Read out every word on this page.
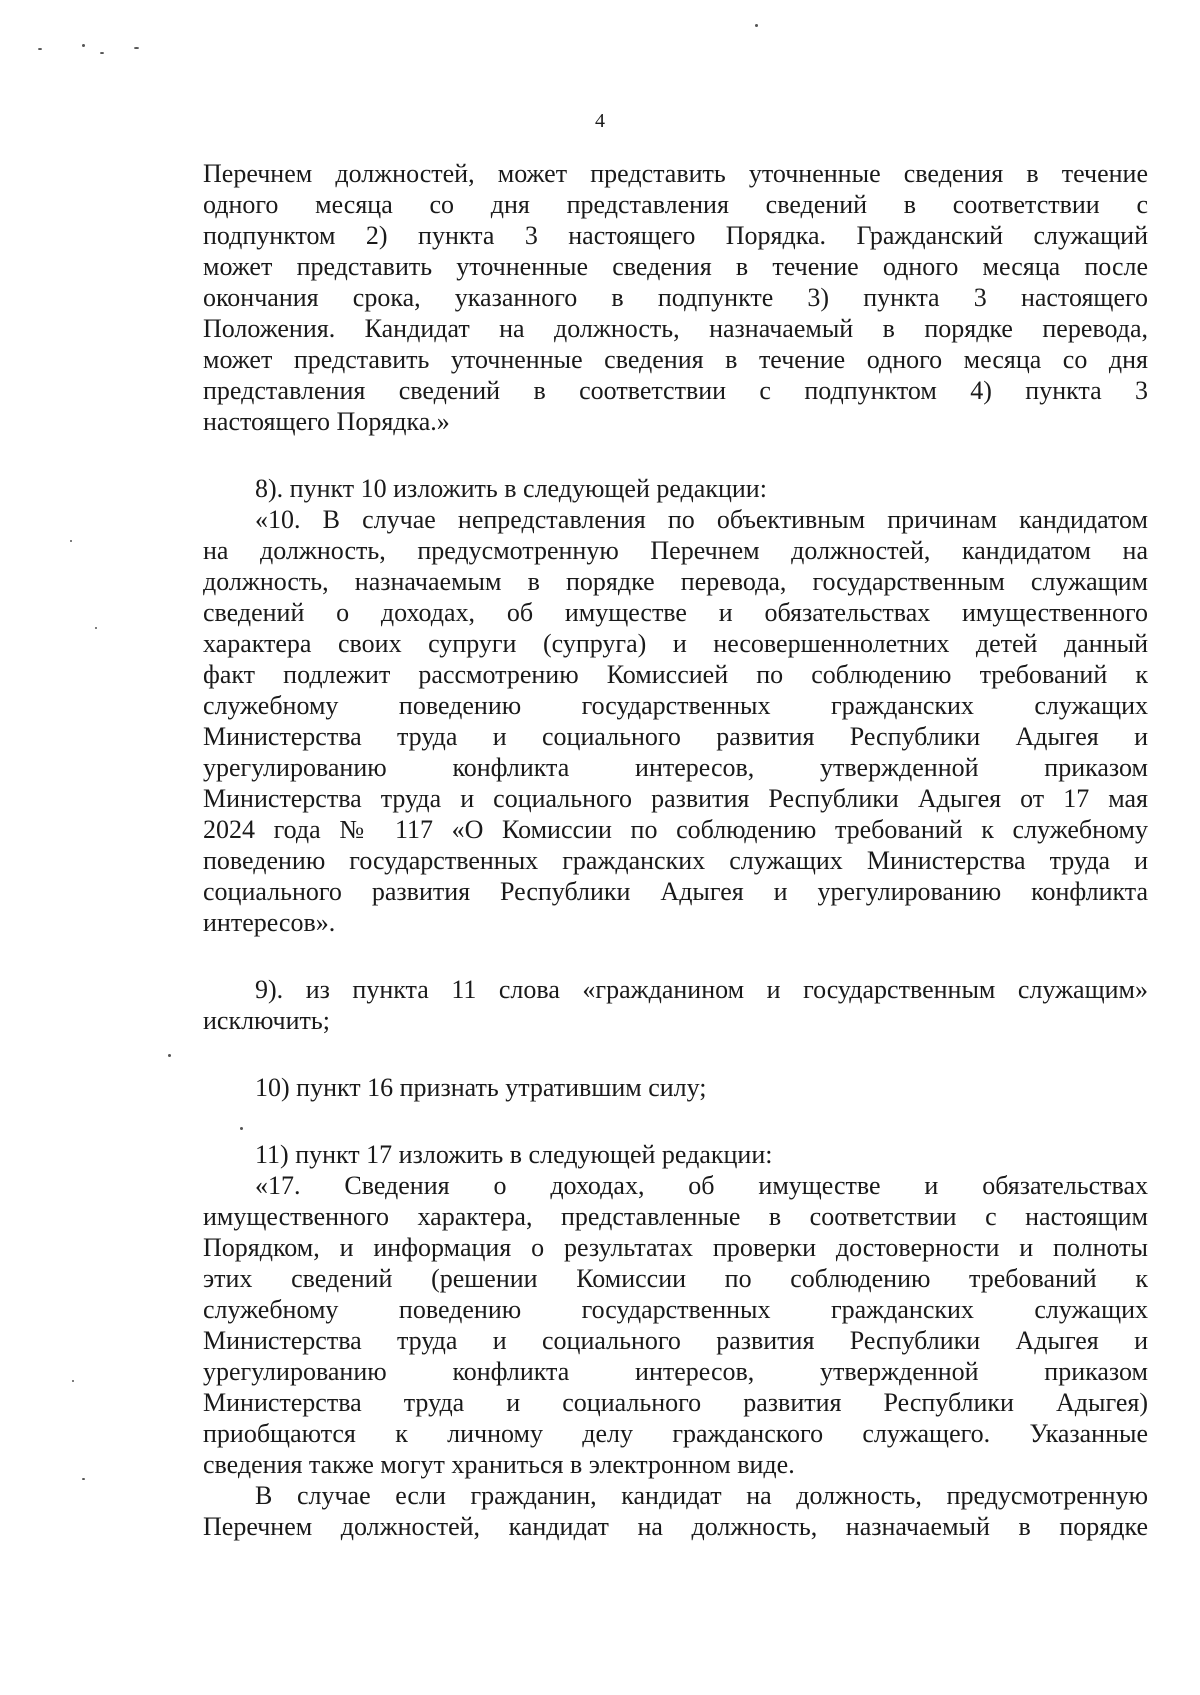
4
Перечнем должностей, может представить уточненные сведения в течение
одного месяца со дня представления сведений в соответствии с
подпунктом 2) пункта 3 настоящего Порядка. Гражданский служащий
может представить уточненные сведения в течение одного месяца после
окончания срока, указанного в подпункте 3) пункта 3 настоящего
Положения. Кандидат на должность, назначаемый в порядке перевода,
может представить уточненные сведения в течение одного месяца со дня
представления сведений в соответствии с подпунктом 4) пункта 3
настоящего Порядка.»
8). пункт 10 изложить в следующей редакции:
«10. В случае непредставления по объективным причинам кандидатом
на должность, предусмотренную Перечнем должностей, кандидатом на
должность, назначаемым в порядке перевода, государственным служащим
сведений о доходах, об имуществе и обязательствах имущественного
характера своих супруги (супруга) и несовершеннолетних детей данный
факт подлежит рассмотрению Комиссией по соблюдению требований к
служебному поведению государственных гражданских служащих
Министерства труда и социального развития Республики Адыгея и
урегулированию конфликта интересов, утвержденной приказом
Министерства труда и социального развития Республики Адыгея от 17 мая
2024 года № 117 «О Комиссии по соблюдению требований к служебному
поведению государственных гражданских служащих Министерства труда и
социального развития Республики Адыгея и урегулированию конфликта
интересов».
9). из пункта 11 слова «гражданином и государственным служащим»
исключить;
10) пункт 16 признать утратившим силу;
11) пункт 17 изложить в следующей редакции:
«17. Сведения о доходах, об имуществе и обязательствах
имущественного характера, представленные в соответствии с настоящим
Порядком, и информация о результатах проверки достоверности и полноты
этих сведений (решении Комиссии по соблюдению требований к
служебному поведению государственных гражданских служащих
Министерства труда и социального развития Республики Адыгея и
урегулированию конфликта интересов, утвержденной приказом
Министерства труда и социального развития Республики Адыгея)
приобщаются к личному делу гражданского служащего. Указанные
сведения также могут храниться в электронном виде.
В случае если гражданин, кандидат на должность, предусмотренную
Перечнем должностей, кандидат на должность, назначаемый в порядке
